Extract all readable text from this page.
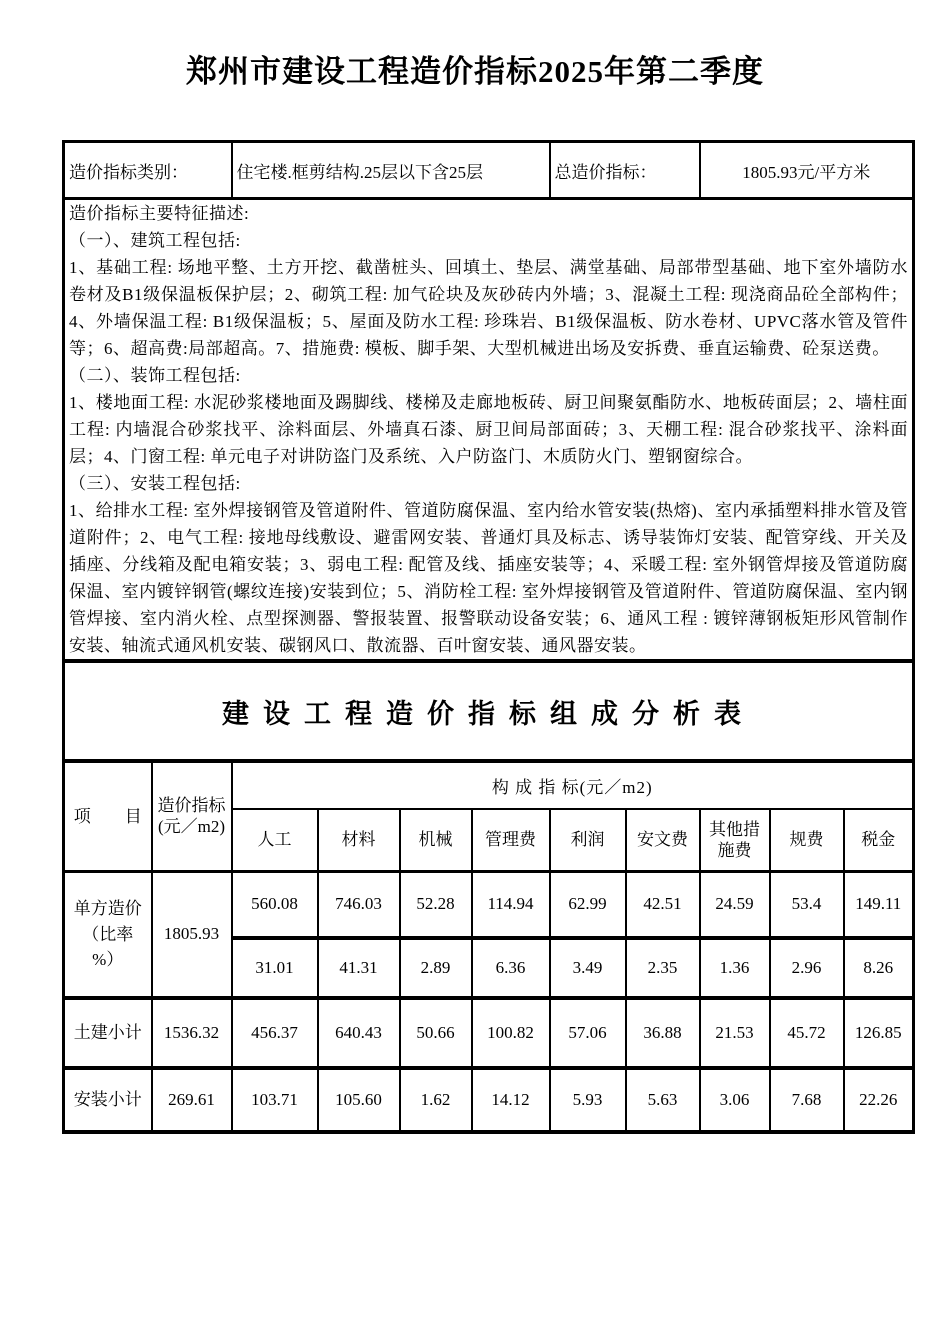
郑州市建设工程造价指标2025年第二季度
造价指标类别：		住宅楼.框剪结构.25层以下含25层				总造价指标：		1805.93元/平方米		

造价指标主要特征描述:
（一）、建筑工程包括:
1、基础工程: 场地平整、土方开挖、截凿桩头、回填土、垫层、满堂基础、局部带型基础、地下室外墙防水卷材及B1级保温板保护层；2、砌筑工程: 加气砼块及灰砂砖内外墙；3、混凝土工程: 现浇商品砼全部构件；4、外墙保温工程: B1级保温板；5、屋面及防水工程: 珍珠岩、B1级保温板、防水卷材、UPVC落水管及管件等；6、超高费:局部超高。7、措施费: 模板、脚手架、大型机械进出场及安拆费、垂直运输费、砼泵送费。
（二）、装饰工程包括:
1、楼地面工程: 水泥砂浆楼地面及踢脚线、楼梯及走廊地板砖、厨卫间聚氨酯防水、地板砖面层；2、墙柱面工程: 内墙混合砂浆找平、涂料面层、外墙真石漆、厨卫间局部面砖；3、天棚工程: 混合砂浆找平、涂料面层；4、门窗工程: 单元电子对讲防盗门及系统、入户防盗门、木质防火门、塑钢窗综合。
（三）、安装工程包括:
1、给排水工程: 室外焊接钢管及管道附件、管道防腐保温、室内给水管安装(热熔)、室内承插塑料排水管及管道附件；2、电气工程: 接地母线敷设、避雷网安装、普通灯具及标志、诱导装饰灯安装、配管穿线、开关及插座、分线箱及配电箱安装；3、弱电工程: 配管及线、插座安装等；4、采暖工程: 室外钢管焊接及管道防腐保温、室内镀锌钢管(螺纹连接)安装到位；5、消防栓工程: 室外焊接钢管及管道附件、管道防腐保温、室内钢管焊接、室内消火栓、点型探测器、警报装置、报警联动设备安装；6、通风工程 : 镀锌薄钢板矩形风管制作安装、轴流式通风机安装、碳钢风口、散流器、百叶窗安装、通风器安装。

建设工程造价指标组成分析表										
项　　目	造价指标 (元／m2)	构 成 指 标(元／m2)								
		人工	材料	机械	管理费	利润	安文费	其他措施费	规费	税金
单方造价 （比率 %）	1805.93	560.08	746.03	52.28	114.94	62.99	42.51	24.59	53.4	149.11
		31.01	41.31	2.89	6.36	3.49	2.35	1.36	2.96	8.26
土建小计	1536.32	456.37	640.43	50.66	100.82	57.06	36.88	21.53	45.72	126.85
安装小计	269.61	103.71	105.60	1.62	14.12	5.93	5.63	3.06	7.68	22.26
